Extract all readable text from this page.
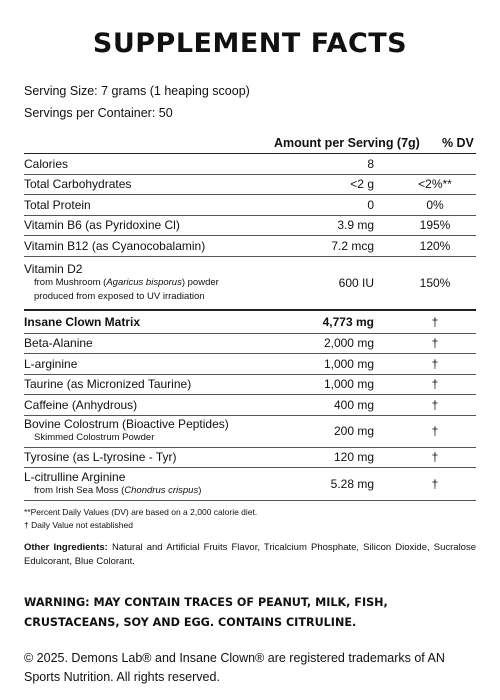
SUPPLEMENT FACTS
Serving Size: 7 grams (1 heaping scoop)
Servings per Container: 50
Amount per Serving (7g)	% DV
Calories	8
Total Carbohydrates	<2 g	<2%**
Total Protein	0	0%
Vitamin B6 (as Pyridoxine Cl)	3.9 mg	195%
Vitamin B12 (as Cyanocobalamin)	7.2 mcg	120%
Vitamin D2
from Mushroom (Agaricus bisporus) powder
produced from exposed to UV irradiation
600 IU	150%
Insane Clown Matrix	4,773 mg	†
Beta-Alanine	2,000 mg	†
L-arginine	1,000 mg	†
Taurine (as Micronized Taurine)	1,000 mg	†
Caffeine (Anhydrous)	400 mg	†
Bovine Colostrum (Bioactive Peptides)
Skimmed Colostrum Powder	200 mg	†
Tyrosine (as L-tyrosine - Tyr)	120 mg	†
L-citrulline Arginine
from Irish Sea Moss (Chondrus crispus)	5.28 mg	†
**Percent Daily Values (DV) are based on a 2,000 calorie diet.
† Daily Value not established
Other Ingredients: Natural and Artificial Fruits Flavor, Tricalcium Phosphate, Silicon Dioxide, Sucralose Edulcorant, Blue Colorant.
WARNING: MAY CONTAIN TRACES OF PEANUT, MILK, FISH, CRUSTACEANS, SOY AND EGG. CONTAINS CITRULINE.
© 2025. Demons Lab® and Insane Clown® are registered trademarks of AN Sports Nutrition. All rights reserved.
